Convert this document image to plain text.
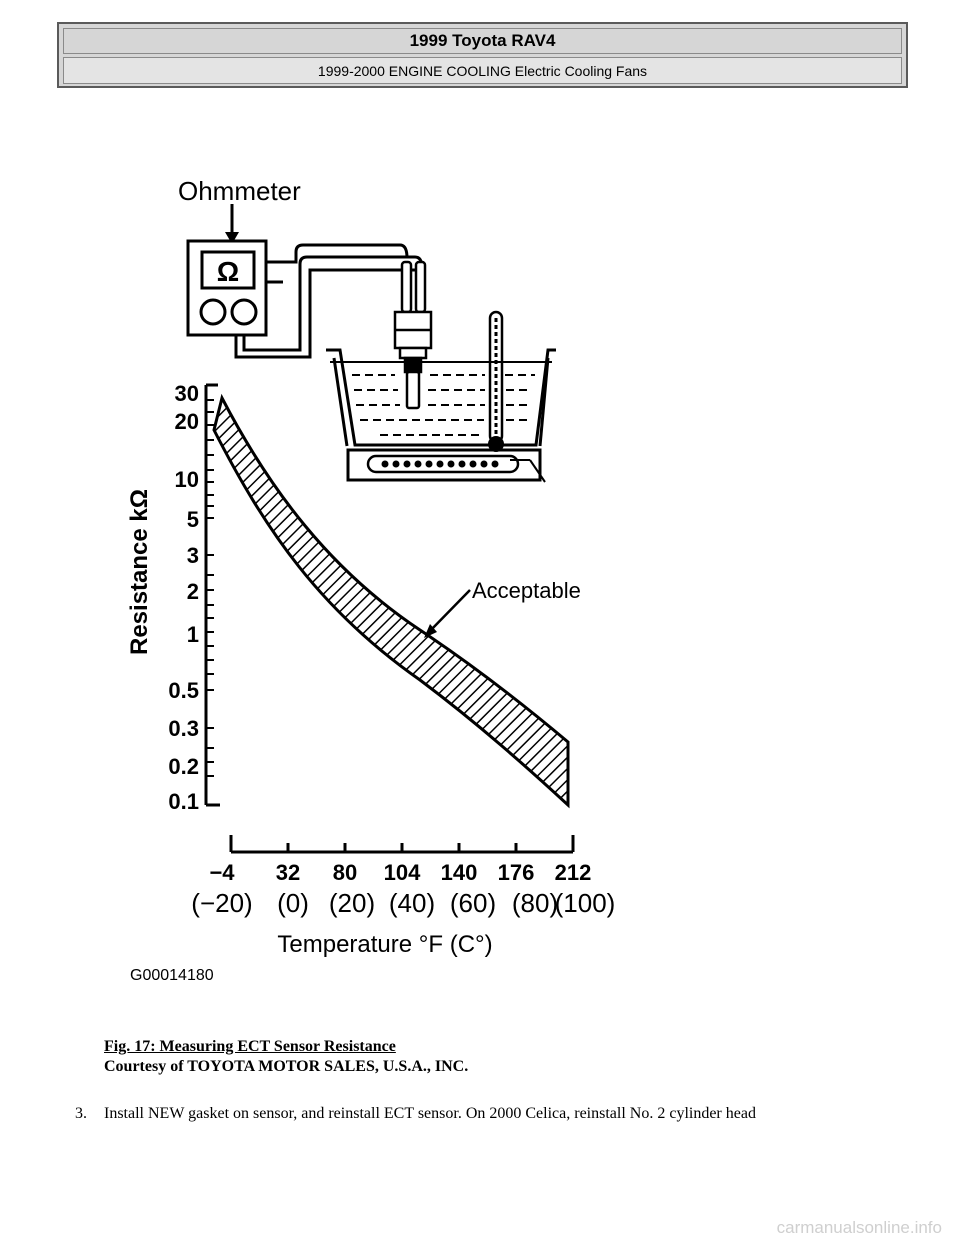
1999 Toyota RAV4
1999-2000 ENGINE COOLING Electric Cooling Fans
Ohmmeter
Ω
30
20
10
5
3
2
1
0.5
0.3
0.2
0.1
Resistance kΩ	Acceptable
−4 32 80 104 140 176 212
(−20) (0) (20) (40) (60) (80)
(100)
Temperature °F (C°)
G00014180
Fig. 17: Measuring ECT Sensor Resistance
Courtesy of TOYOTA MOTOR SALES, U.S.A., INC.
3. Install NEW gasket on sensor, and reinstall ECT sensor. On 2000 Celica, reinstall No. 2 cylinder head
carmanualsonline.info
